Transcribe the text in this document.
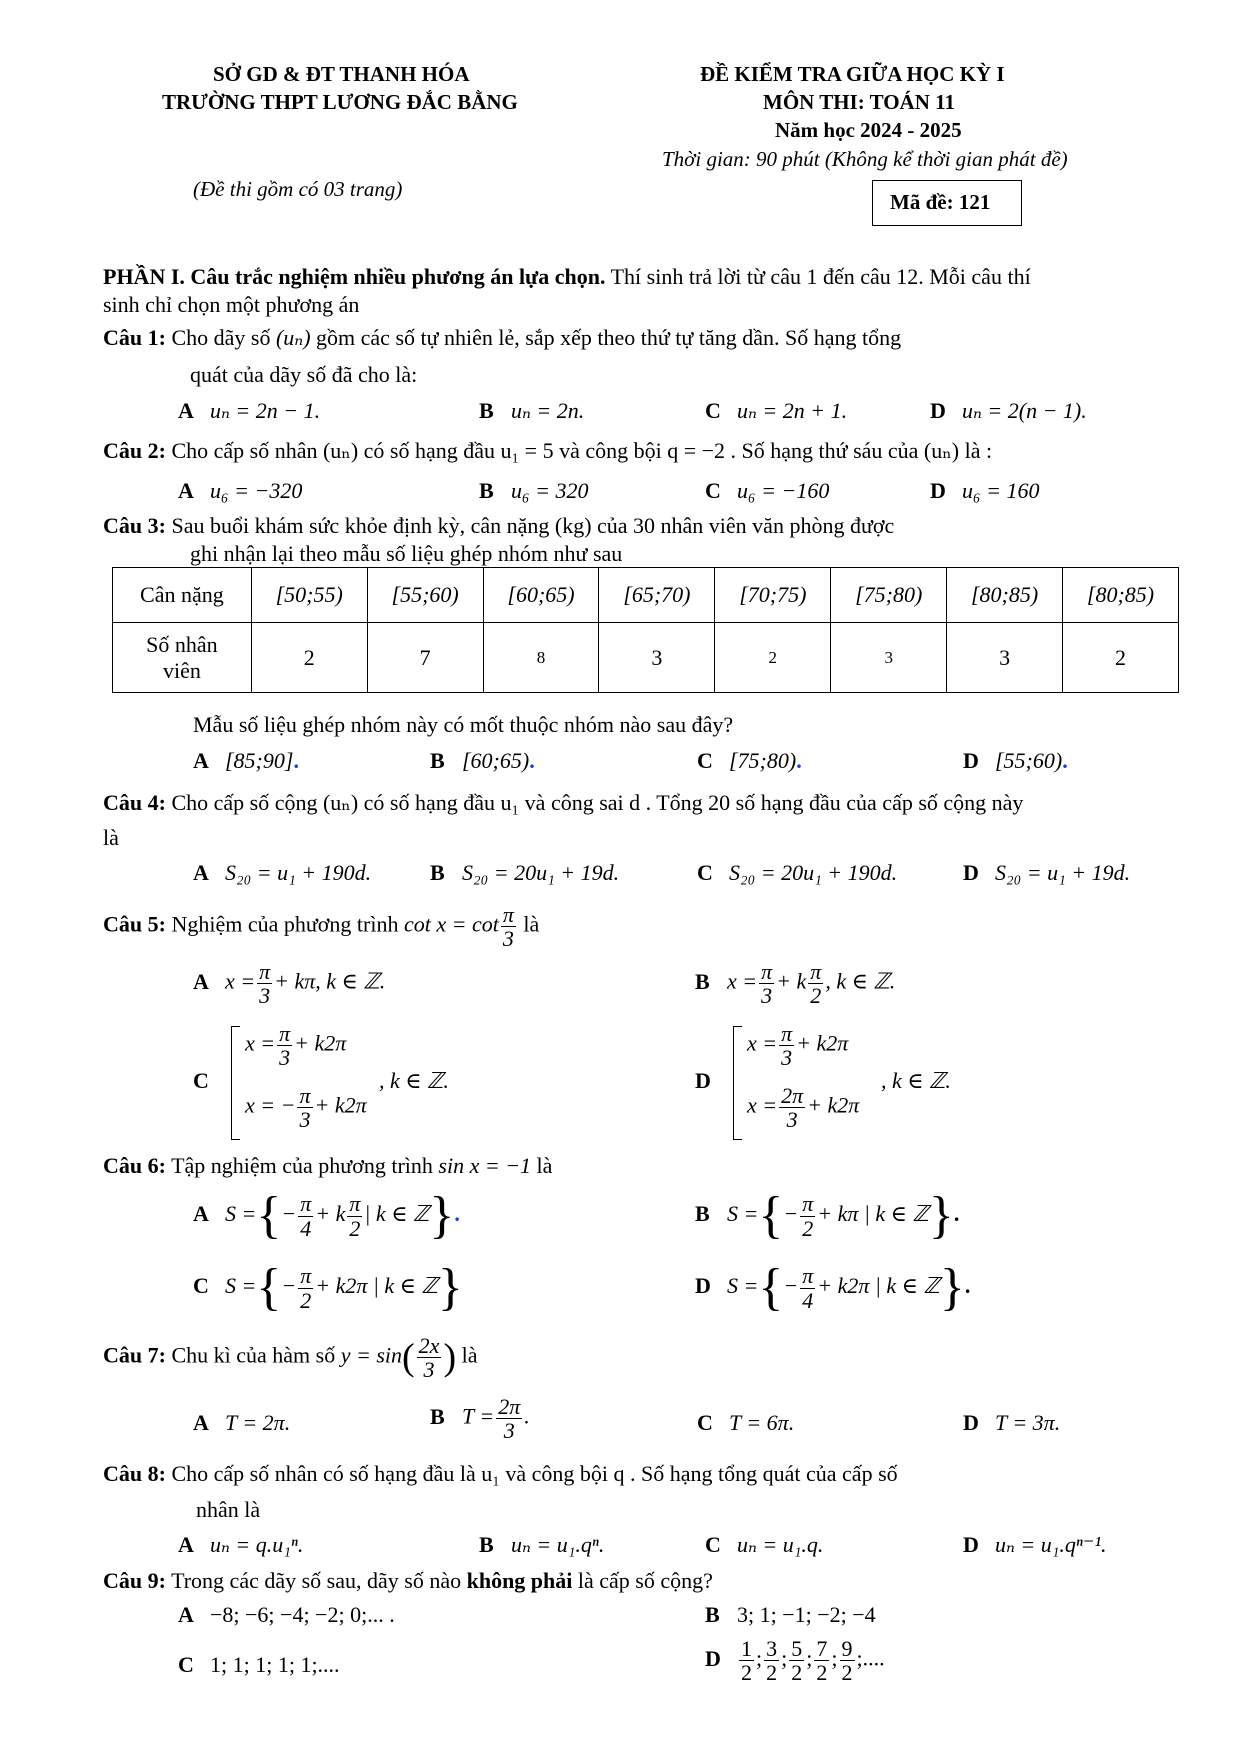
SỞ GD & ĐT THANH HÓA
TRƯỜNG THPT LƯƠNG ĐẮC BẰNG
(Đề thi gồm có 03 trang)
ĐỀ KIỂM TRA GIỮA HỌC KỲ I
MÔN THI: TOÁN 11
Năm học 2024 - 2025
Thời gian: 90 phút (Không kể thời gian phát đề)
Mã đề: 121
PHẦN I. Câu trắc nghiệm nhiều phương án lựa chọn. Thí sinh trả lời từ câu 1 đến câu 12. Mỗi câu thí
sinh chỉ chọn một phương án
Câu 1: Cho dãy số (uₙ) gồm các số tự nhiên lẻ, sắp xếp theo thứ tự tăng dần. Số hạng tổng
quát của dãy số đã cho là:
A uₙ = 2n − 1.	B uₙ = 2n.	C uₙ = 2n + 1.	D uₙ = 2(n − 1).
Câu 2: Cho cấp số nhân (uₙ) có số hạng đầu u₁ = 5 và công bội q = −2 . Số hạng thứ sáu của (uₙ) là :
A u₆ = −320	B u₆ = 320	C u₆ = −160	D u₆ = 160
Câu 3: Sau buổi khám sức khỏe định kỳ, cân nặng (kg) của 30 nhân viên văn phòng được
ghi nhận lại theo mẫu số liệu ghép nhóm như sau
Cân nặng	[50;55)	[55;60)	[60;65)	[65;70)	[70;75)	[75;80)	[80;85)	[80;85)

Số nhân
viên	2	7	8	3	2	3	3	2
Mẫu số liệu ghép nhóm này có mốt thuộc nhóm nào sau đây?
A [85;90].	B [60;65).	C [75;80).	D [55;60).
Câu 4: Cho cấp số cộng (uₙ) có số hạng đầu u₁ và công sai d . Tổng 20 số hạng đầu của cấp số cộng này
là
A S₂₀ = u₁ + 190d.	B S₂₀ = 20u₁ + 19d.	C S₂₀ = 20u₁ + 190d.	D S₂₀ = u₁ + 19d.
Câu 5: Nghiệm của phương trình $\cot x = \cot \frac{\pi}{3}$ là
A $x = \frac{\pi}{3} + k\pi$, k ∈ ℤ.	B $x = \frac{\pi}{3} + k \frac{\pi}{2}$ , k ∈ ℤ.
C
$x = \frac{\pi}{3} + k2\pi$
x = − $\frac{\pi}{3} + k2\pi$
, k ∈ ℤ.	D
$x = \frac{\pi}{3} + k2\pi$
$x = \frac{2\pi}{3} + k2\pi$
, k ∈ ℤ.
Câu 6: Tập nghiệm của phương trình sin x = −1 là
A S ={− $\frac{\pi}{4} + k \frac{\pi}{2}$ | k ∈ ℤ}.	B S ={− $\frac{\pi}{2} + k\pi$ | k ∈ ℤ}.
C S ={− $\frac{\pi}{2} + k2\pi$ | k ∈ ℤ}	D S ={− $\frac{\pi}{4} + k2\pi$ | k ∈ ℤ}.
Câu 7: Chu kì của hàm số $y = \sin( \frac{2x}{3}$ ) là
A T = 2π.	B $T = \frac{2\pi}{3}$ .	C T = 6π.	D T = 3π.
Câu 8: Cho cấp số nhân có số hạng đầu là u₁ và công bội q . Số hạng tổng quát của cấp số
nhân là
A uₙ = q.u₁ⁿ.	B uₙ = u₁.qⁿ.	C uₙ = u₁.q.	D uₙ = u₁.qⁿ⁻¹.
Câu 9: Trong các dãy số sau, dãy số nào không phải là cấp số cộng?
A −8; −6; −4; −2; 0;... .	B 3; 1; −1; −2; −4
C 1; 1; 1; 1; 1;....	D $\frac{1}{2}$ ; $\frac{3}{2}$ ; $\frac{5}{2}$ ; $\frac{7}{2}$ ; $\frac{9}{2}$ ;....
